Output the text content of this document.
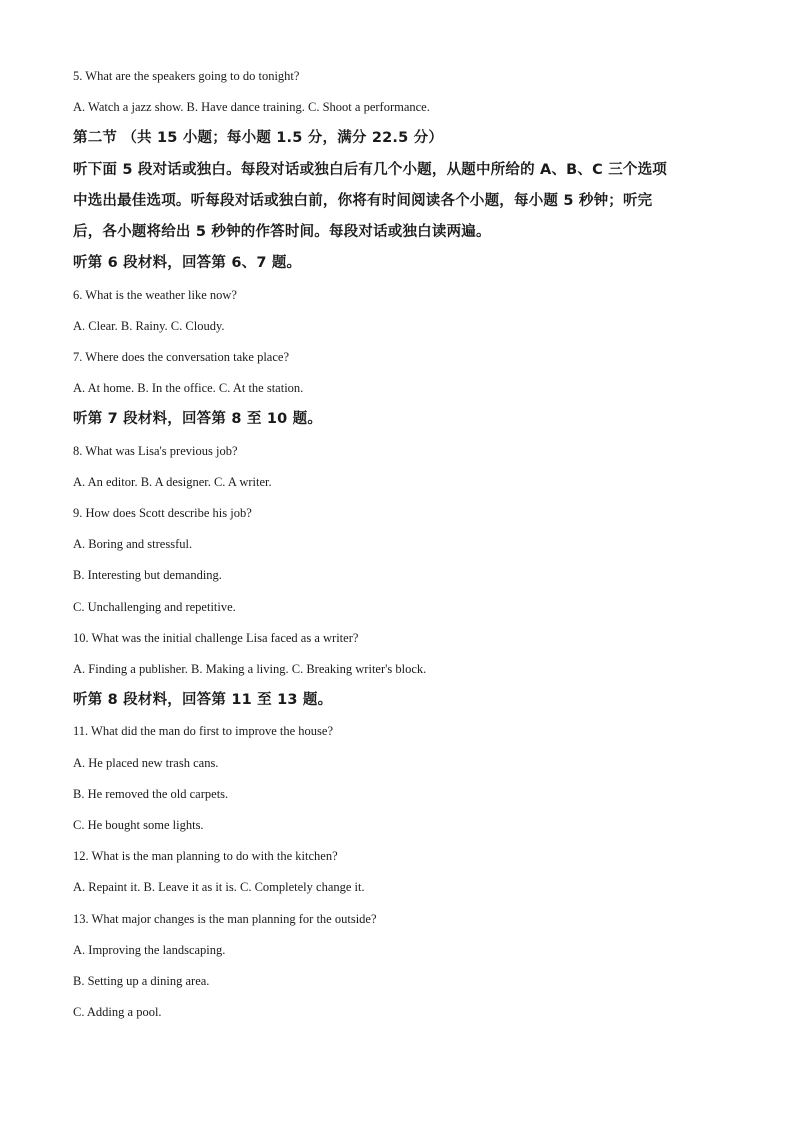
5. What are the speakers going to do tonight?
A. Watch a jazz show. B. Have dance training. C. Shoot a performance.
第二节 （共 15 小题；每小题 1.5 分，满分 22.5 分）
听下面 5 段对话或独白。每段对话或独白后有几个小题，从题中所给的 A、B、C 三个选项
中选出最佳选项。听每段对话或独白前，你将有时间阅读各个小题，每小题 5 秒钟；听完
后，各小题将给出 5 秒钟的作答时间。每段对话或独白读两遍。
听第 6 段材料，回答第 6、7 题。
6. What is the weather like now?
A. Clear. B. Rainy. C. Cloudy.
7. Where does the conversation take place?
A. At home. B. In the office. C. At the station.
听第 7 段材料，回答第 8 至 10 题。
8. What was Lisa's previous job?
A. An editor. B. A designer. C. A writer.
9. How does Scott describe his job?
A. Boring and stressful.
B. Interesting but demanding.
C. Unchallenging and repetitive.
10. What was the initial challenge Lisa faced as a writer?
A. Finding a publisher. B. Making a living. C. Breaking writer's block.
听第 8 段材料，回答第 11 至 13 题。
11. What did the man do first to improve the house?
A. He placed new trash cans.
B. He removed the old carpets.
C. He bought some lights.
12. What is the man planning to do with the kitchen?
A. Repaint it. B. Leave it as it is. C. Completely change it.
13. What major changes is the man planning for the outside?
A. Improving the landscaping.
B. Setting up a dining area.
C. Adding a pool.
